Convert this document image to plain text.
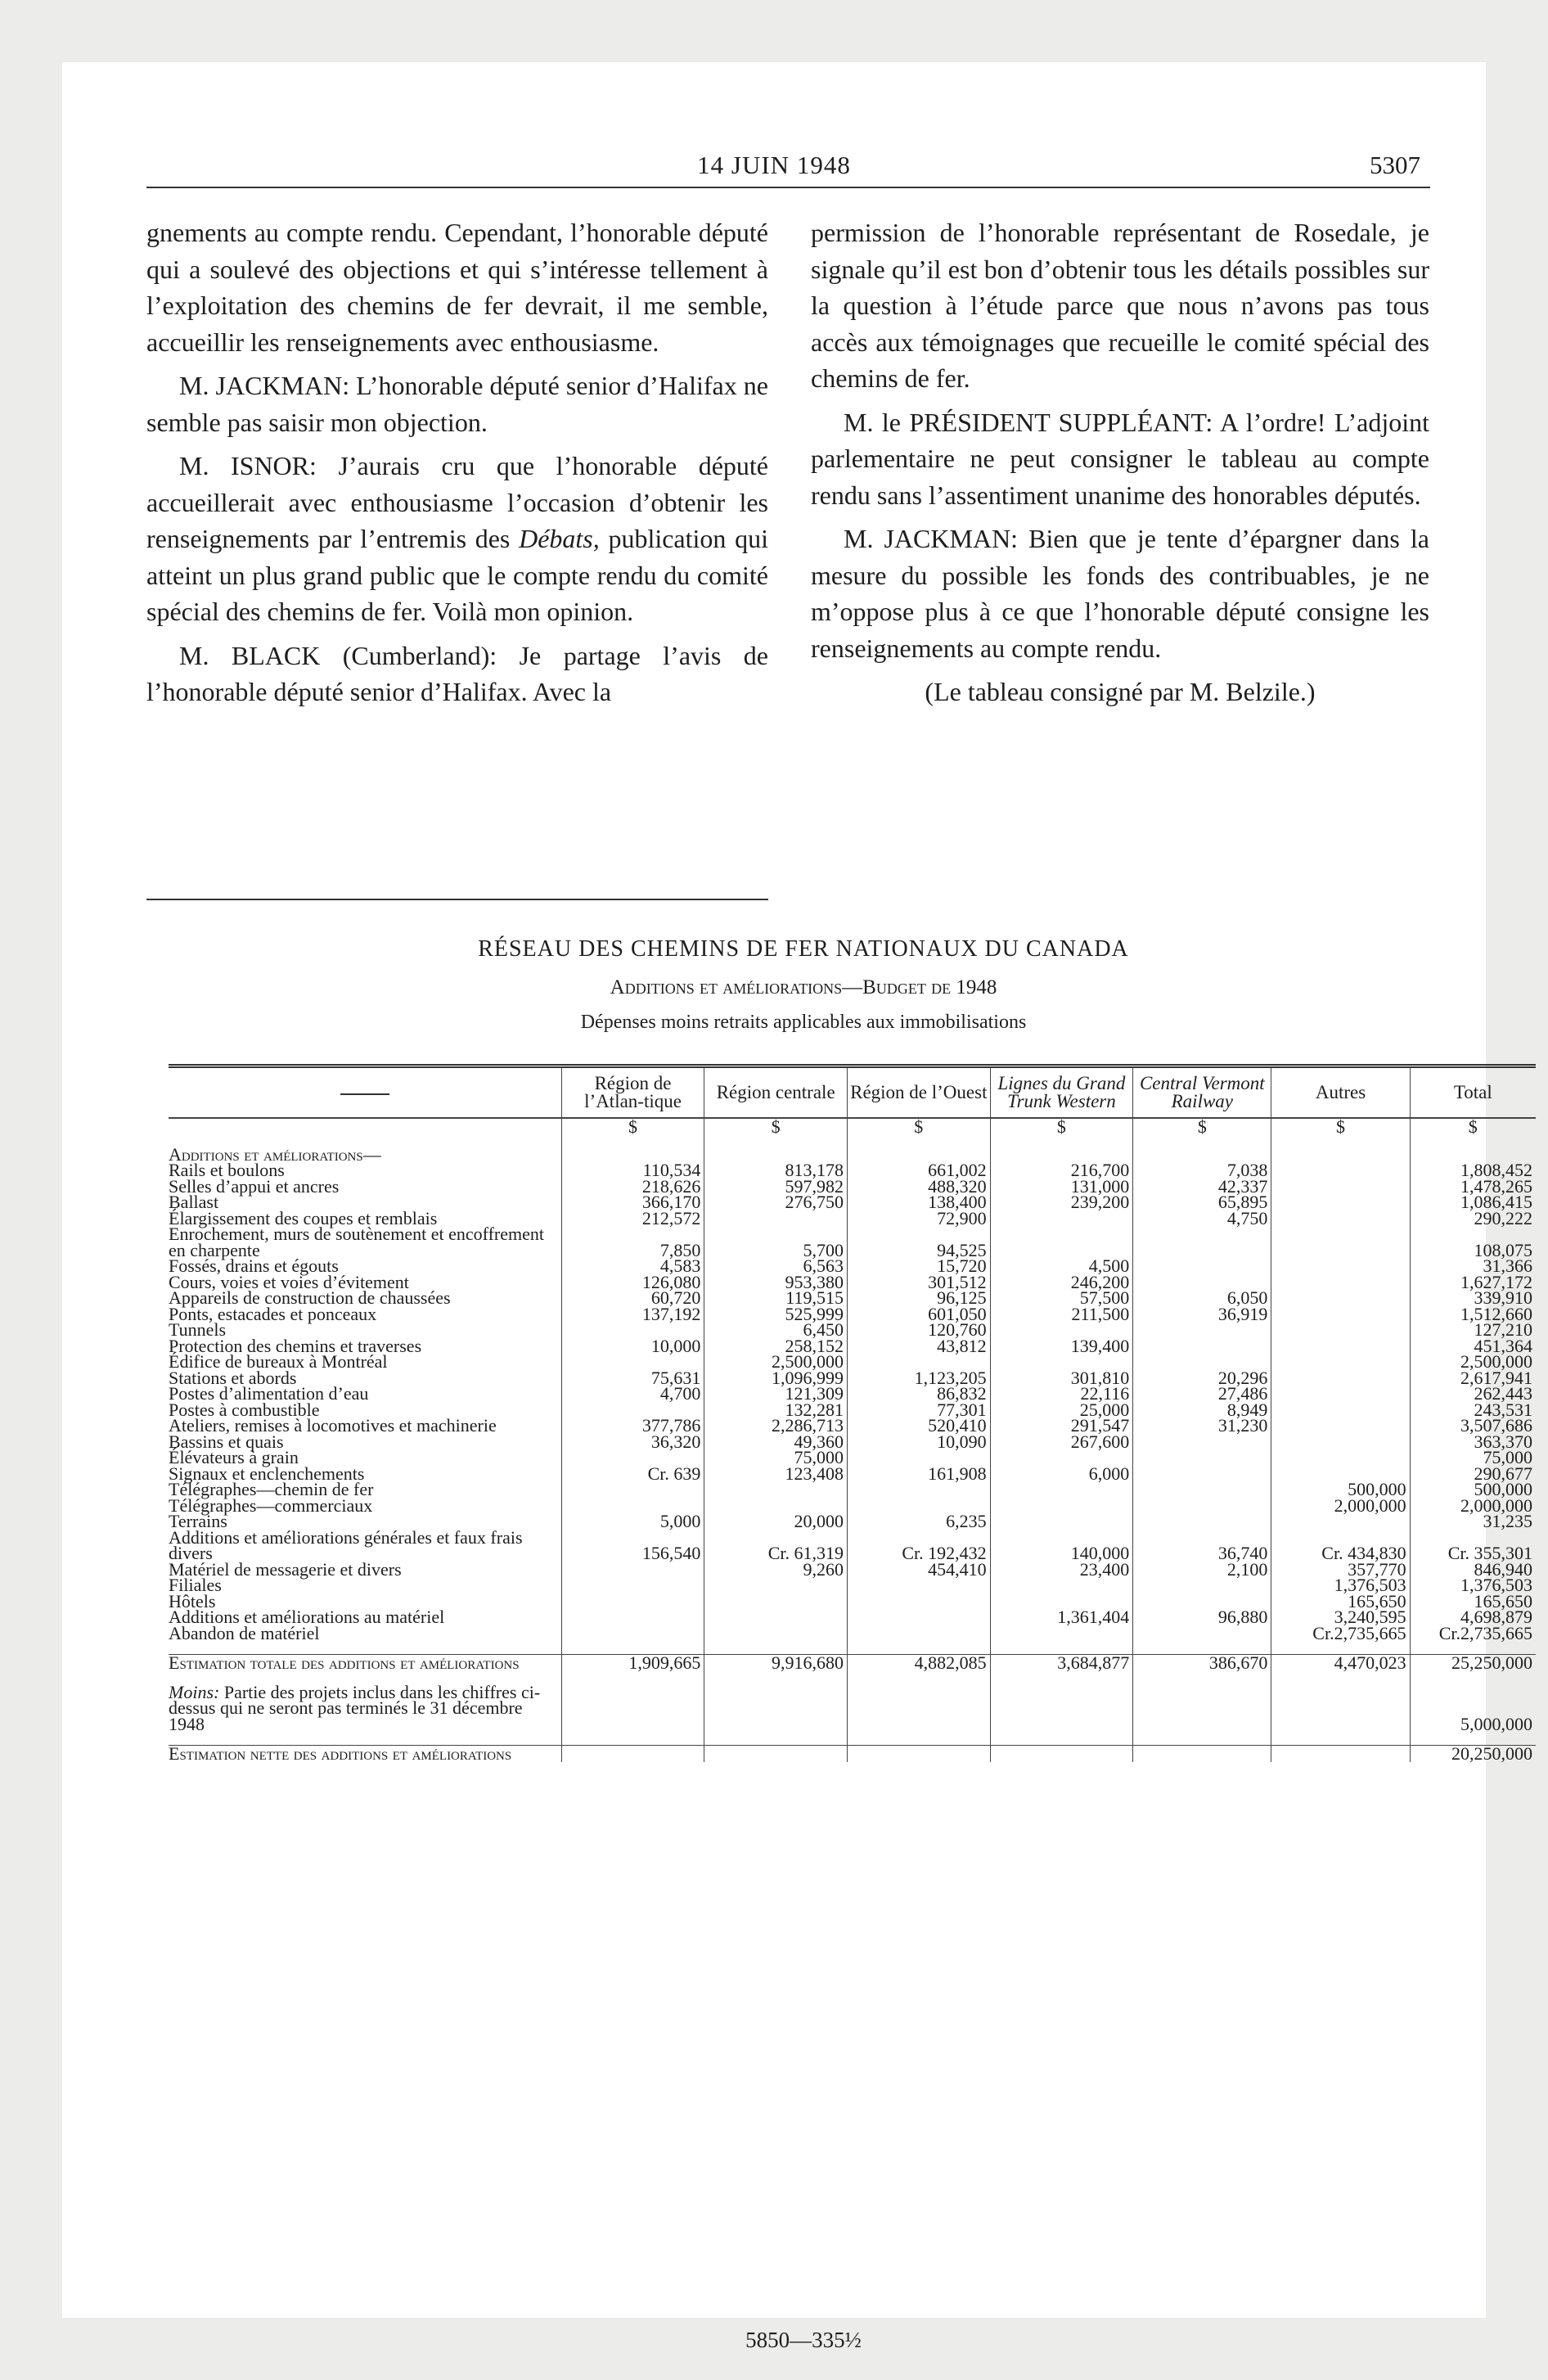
14 JUIN 1948	5307

gnements au compte rendu. Cependant, l’honorable député qui a soulevé des objections et qui s’intéresse tellement à l’exploitation des chemins de fer devrait, il me semble, accueillir les renseignements avec enthousiasme.

M. JACKMAN: L’honorable député senior d’Halifax ne semble pas saisir mon objection.

M. ISNOR: J’aurais cru que l’honorable député accueillerait avec enthousiasme l’occasion d’obtenir les renseignements par l’entremis des Débats, publication qui atteint un plus grand public que le compte rendu du comité spécial des chemins de fer. Voilà mon opinion.

M. BLACK (Cumberland): Je partage l’avis de l’honorable député senior d’Halifax. Avec la

permission de l’honorable représentant de Rosedale, je signale qu’il est bon d’obtenir tous les détails possibles sur la question à l’étude parce que nous n’avons pas tous accès aux témoignages que recueille le comité spécial des chemins de fer.

M. le PRÉSIDENT SUPPLÉANT: A l’ordre! L’adjoint parlementaire ne peut consigner le tableau au compte rendu sans l’assentiment unanime des honorables députés.

M. JACKMAN: Bien que je tente d’épargner dans la mesure du possible les fonds des contribuables, je ne m’oppose plus à ce que l’honorable député consigne les renseignements au compte rendu.

(Le tableau consigné par M. Belzile.)

RÉSEAU DES CHEMINS DE FER NATIONAUX DU CANADA
Additions et améliorations—Budget de 1948
Dépenses moins retraits applicables aux immobilisations
	Région de l’Atlan-tique	Région centrale	Région de l’Ouest	Lignes du Grand Trunk Western	Central Vermont Railway	Autres	Total
	$	$	$	$	$	$	$
Additions et améliorations—							
Rails et boulons	110,534	813,178	661,002	216,700	7,038		1,808,452
Selles d’appui et ancres	218,626	597,982	488,320	131,000	42,337		1,478,265
Ballast	366,170	276,750	138,400	239,200	65,895		1,086,415
Élargissement des coupes et remblais	212,572		72,900		4,750		290,222
Enrochement, murs de soutènement et encoffrement en charpente	7,850	5,700	94,525				108,075
Fossés, drains et égouts	4,583	6,563	15,720	4,500			31,366
Cours, voies et voies d’évitement	126,080	953,380	301,512	246,200			1,627,172
Appareils de construction de chaussées	60,720	119,515	96,125	57,500	6,050		339,910
Ponts, estacades et ponceaux	137,192	525,999	601,050	211,500	36,919		1,512,660
Tunnels		6,450	120,760				127,210
Protection des chemins et traverses	10,000	258,152	43,812	139,400			451,364
Édifice de bureaux à Montréal		2,500,000					2,500,000
Stations et abords	75,631	1,096,999	1,123,205	301,810	20,296		2,617,941
Postes d’alimentation d’eau	4,700	121,309	86,832	22,116	27,486		262,443
Postes à combustible		132,281	77,301	25,000	8,949		243,531
Ateliers, remises à locomotives et machinerie	377,786	2,286,713	520,410	291,547	31,230		3,507,686
Bassins et quais	36,320	49,360	10,090	267,600			363,370
Élévateurs à grain		75,000					75,000
Signaux et enclenchements	Cr. 639	123,408	161,908	6,000			290,677
Télégraphes—chemin de fer						500,000	500,000
Télégraphes—commerciaux						2,000,000	2,000,000
Terrains	5,000	20,000	6,235				31,235
Additions et améliorations générales et faux frais divers	156,540	Cr. 61,319	Cr. 192,432	140,000	36,740	Cr. 434,830	Cr. 355,301
Matériel de messagerie et divers		9,260	454,410	23,400	2,100	357,770	846,940
Filiales						1,376,503	1,376,503
Hôtels						165,650	165,650
Additions et améliorations au matériel				1,361,404	96,880	3,240,595	4,698,879
Abandon de matériel						Cr.2,735,665	Cr.2,735,665

Estimation totale des additions et améliorations	1,909,665	9,916,680	4,882,085	3,684,877	386,670	4,470,023	25,250,000

Moins: Partie des projets inclus dans les chiffres ci-dessus qui ne seront pas terminés le 31 décembre 1948							5,000,000

Estimation nette des additions et améliorations							20,250,000
5850—335½
